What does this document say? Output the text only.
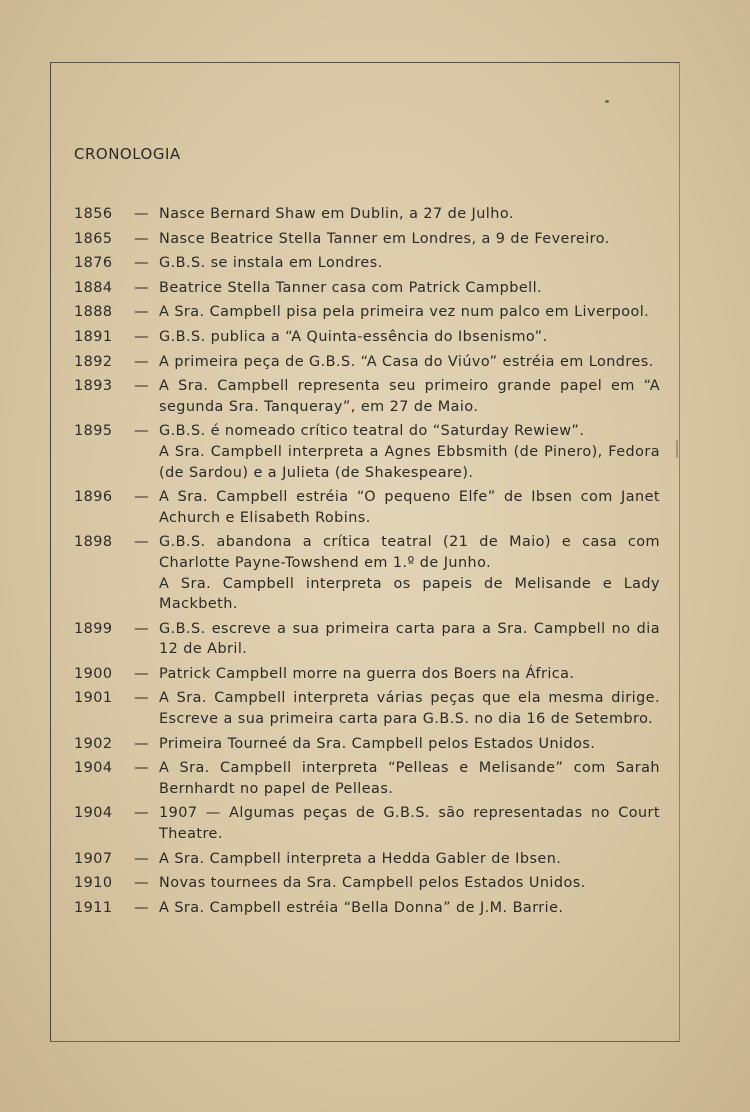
CRONOLOGIA
1856	— Nasce Bernard Shaw em Dublin, a 27 de Julho.
1865	— Nasce Beatrice Stella Tanner em Londres, a 9 de Fevereiro.
1876	— G.B.S. se instala em Londres.
1884	— Beatrice Stella Tanner casa com Patrick Campbell.
1888	— A Sra. Campbell pisa pela primeira vez num palco em Liverpool.
1891	— G.B.S. publica a “A Quinta-essência do Ibsenismo”.
1892	— A primeira peça de G.B.S. “A Casa do Viúvo” estréia em Londres.
1893	— A Sra. Campbell representa seu primeiro grande papel em “A segunda Sra. Tanqueray”, em 27 de Maio.
1895	— G.B.S. é nomeado crítico teatral do “Saturday Rewiew”.
A Sra. Campbell interpreta a Agnes Ebbsmith (de Pinero), Fedora (de Sardou) e a Julieta (de Shakespeare).
1896	— A Sra. Campbell estréia “O pequeno Elfe” de Ibsen com Janet Achurch e Elisabeth Robins.
1898	— G.B.S. abandona a crítica teatral (21 de Maio) e casa com Charlotte Payne-Towshend em 1.º de Junho.
A Sra. Campbell interpreta os papeis de Melisande e Lady Mackbeth.
1899	— G.B.S. escreve a sua primeira carta para a Sra. Campbell no dia 12 de Abril.
1900	— Patrick Campbell morre na guerra dos Boers na África.
1901	— A Sra. Campbell interpreta várias peças que ela mesma dirige. Escreve a sua primeira carta para G.B.S. no dia 16 de Setembro.
1902	— Primeira Tourneé da Sra. Campbell pelos Estados Unidos.
1904	— A Sra. Campbell interpreta “Pelleas e Melisande” com Sarah Bernhardt no papel de Pelleas.
1904	— 1907 — Algumas peças de G.B.S. são representadas no Court Theatre.
1907	— A Sra. Campbell interpreta a Hedda Gabler de Ibsen.
1910	— Novas tournees da Sra. Campbell pelos Estados Unidos.
1911	— A Sra. Campbell estréia “Bella Donna” de J.M. Barrie.
